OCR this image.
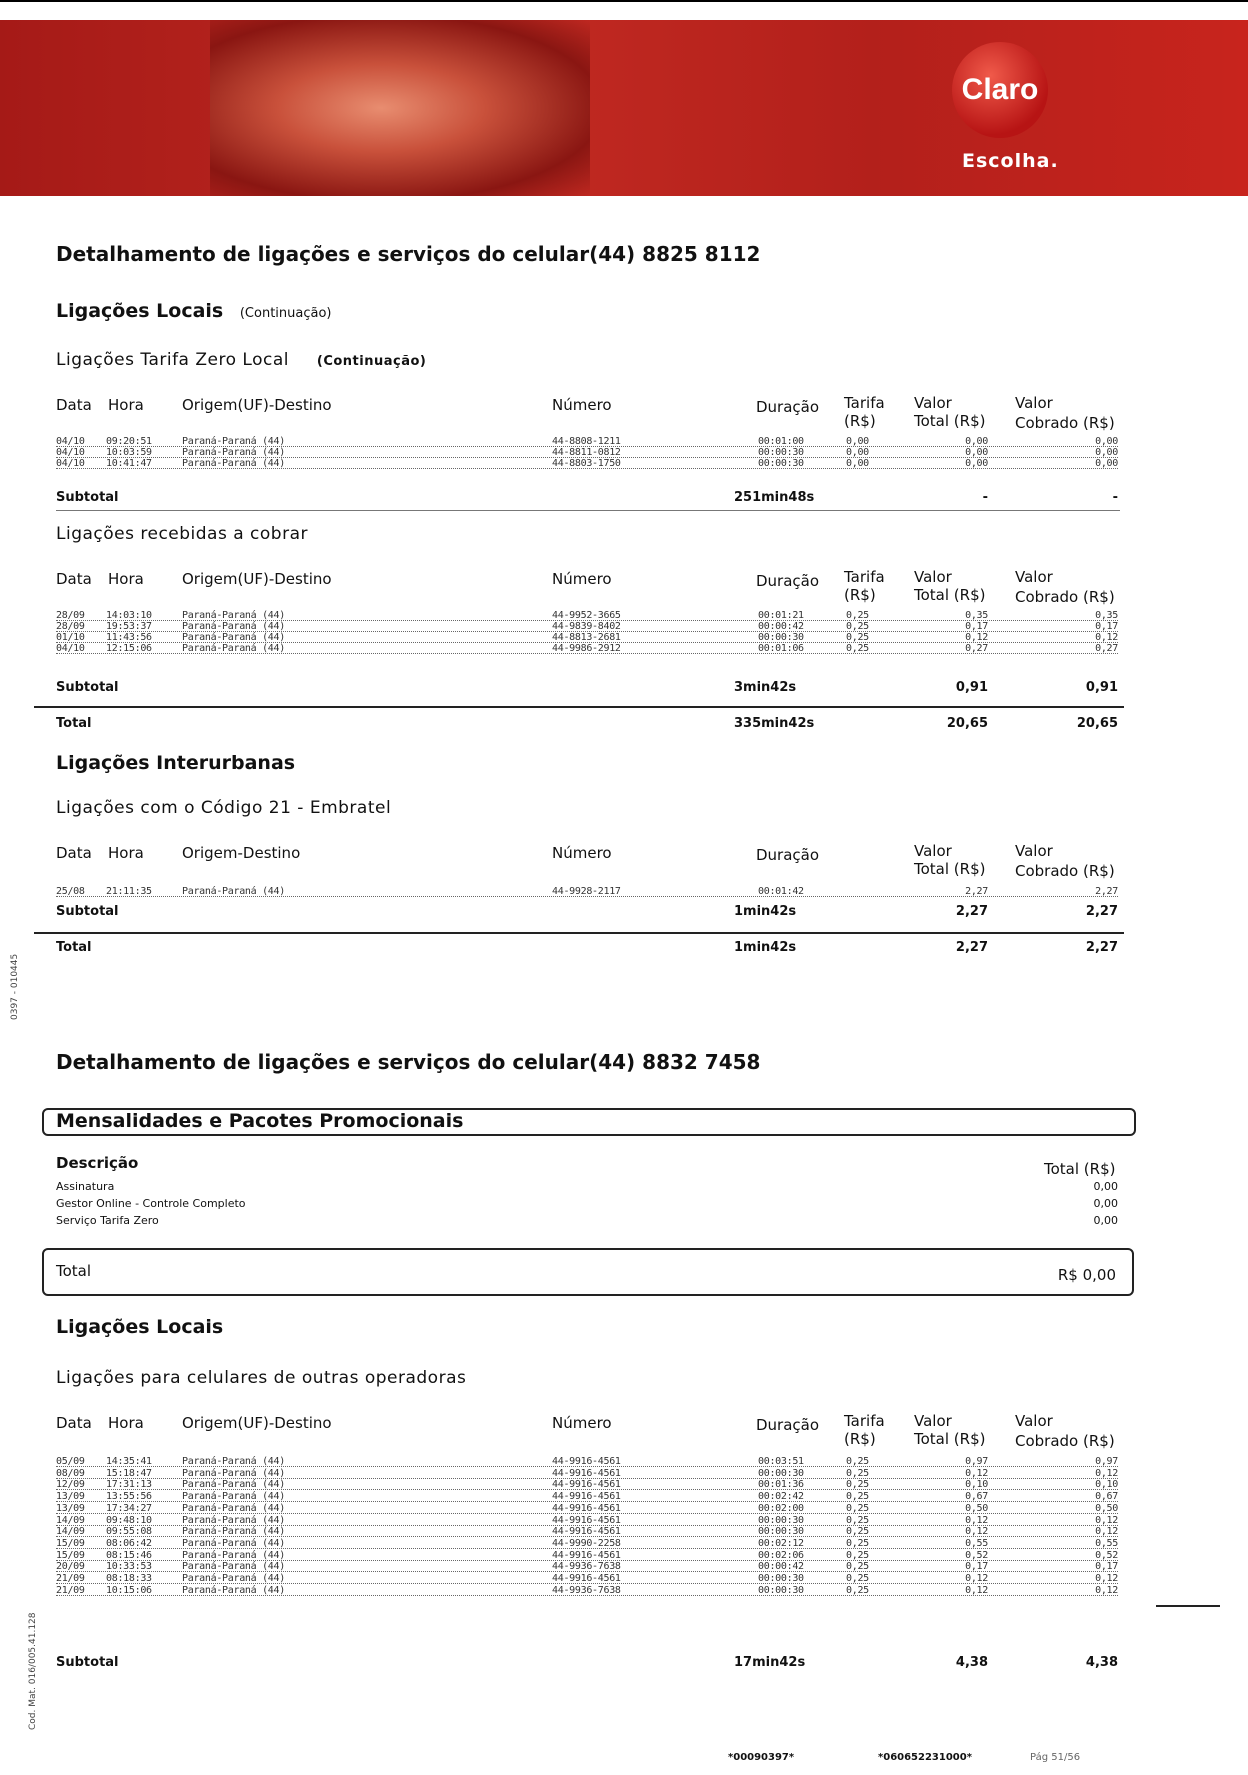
Claro
Escolha.
Detalhamento de ligações e serviços do celular(44) 8825 8112
Ligações Locais (Continuação)
Ligações Tarifa Zero Local (Continuação)
Data Hora	Origem(UF)-Destino	Número	Duração Tarifa
(R$)
Valor
Total (R$)
Valor
Cobrado (R$)
04/10 09:20:51	Paraná-Paraná (44)	44-8808-1211	00:01:00	0,00	0,00	0,00
04/10 10:03:59	Paraná-Paraná (44)	44-8811-0812	00:00:30	0,00	0,00	0,00
04/10 10:41:47	Paraná-Paraná (44)	44-8803-1750	00:00:30	0,00	0,00	0,00
Subtotal	251min48s	-	-
Ligações recebidas a cobrar
Data Hora	Origem(UF)-Destino	Número	Duração Tarifa
(R$)
Valor
Total (R$)
Valor
Cobrado (R$)
28/09 14:03:10	Paraná-Paraná (44)	44-9952-3665	00:01:21	0,25	0,35	0,35
28/09 19:53:37	Paraná-Paraná (44)	44-9839-8402	00:00:42	0,25	0,17	0,17
01/10 11:43:56	Paraná-Paraná (44)	44-8813-2681	00:00:30	0,25	0,12	0,12
04/10 12:15:06	Paraná-Paraná (44)	44-9986-2912	00:01:06	0,25	0,27	0,27
Subtotal	3min42s	0,91	0,91
Total	335min42s	20,65	20,65
Ligações Interurbanas
Ligações com o Código 21 - Embratel
Data Hora	Origem-Destino	Número	Duração	Valor
Total (R$)
Valor
Cobrado (R$)
25/08 21:11:35	Paraná-Paraná (44)	44-9928-2117	00:01:42	2,27	2,27
Subtotal	1min42s	2,27	2,27
Total	1min42s	2,27	2,27
0397 - 010445
Detalhamento de ligações e serviços do celular(44) 8832 7458
Mensalidades e Pacotes Promocionais
Descrição	Total (R$)
Assinatura	0,00
Gestor Online - Controle Completo	0,00
Serviço Tarifa Zero	0,00
Total	R$ 0,00
Ligações Locais
Ligações para celulares de outras operadoras
Data Hora	Origem(UF)-Destino	Número	Duração Tarifa
(R$)
Valor
Total (R$)
Valor
Cobrado (R$)
05/09 14:35:41	Paraná-Paraná (44)	44-9916-4561	00:03:51	0,25	0,97	0,97
08/09 15:18:47	Paraná-Paraná (44)	44-9916-4561	00:00:30	0,25	0,12	0,12
12/09 17:31:13	Paraná-Paraná (44)	44-9916-4561	00:01:36	0,25	0,10	0,10
13/09 13:55:56	Paraná-Paraná (44)	44-9916-4561	00:02:42	0,25	0,67	0,67
13/09 17:34:27	Paraná-Paraná (44)	44-9916-4561	00:02:00	0,25	0,50	0,50
14/09 09:48:10	Paraná-Paraná (44)	44-9916-4561	00:00:30	0,25	0,12	0,12
14/09 09:55:08	Paraná-Paraná (44)	44-9916-4561	00:00:30	0,25	0,12	0,12
15/09 08:06:42	Paraná-Paraná (44)	44-9990-2258	00:02:12	0,25	0,55	0,55
15/09 08:15:46	Paraná-Paraná (44)	44-9916-4561	00:02:06	0,25	0,52	0,52
20/09 10:33:53	Paraná-Paraná (44)	44-9936-7638	00:00:42	0,25	0,17	0,17
21/09 08:18:33	Paraná-Paraná (44)	44-9916-4561	00:00:30	0,25	0,12	0,12
21/09 10:15:06	Paraná-Paraná (44)	44-9936-7638	00:00:30	0,25	0,12	0,12
Subtotal	17min42s	4,38	4,38
Cod. Mat. 016/005.41.128
*00090397*	*060652231000*	Pág 51/56
